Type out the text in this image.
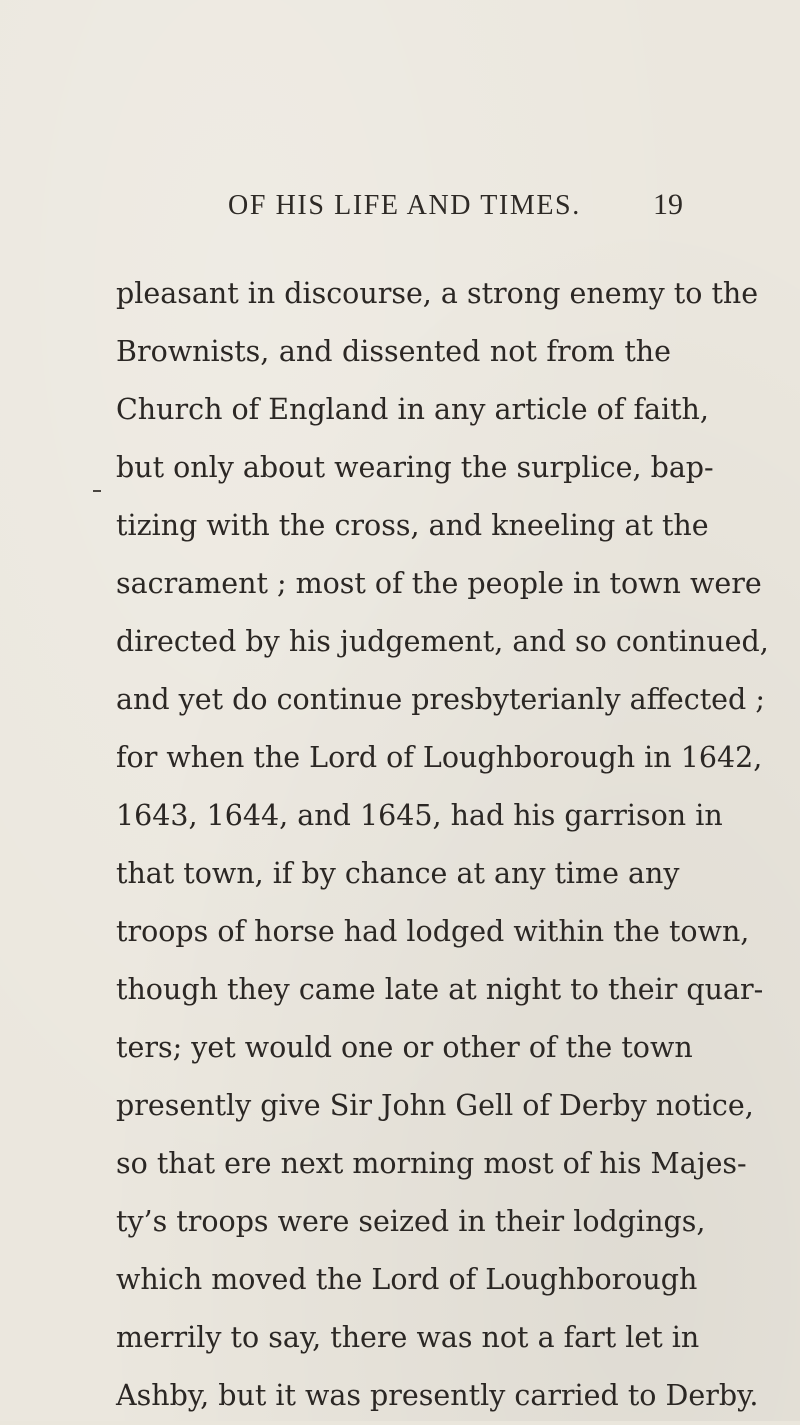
OF HIS LIFE AND TIMES. 19
pleasant in discourse, a strong enemy to the
Brownists, and dissented not from the
Church of England in any article of faith,
but only about wearing the surplice, bap-
tizing with the cross, and kneeling at the
sacrament ; most of the people in town were
directed by his judgement, and so continued,
and yet do continue presbyterianly affected ;
for when the Lord of Loughborough in 1642,
1643, 1644, and 1645, had his garrison in
that town, if by chance at any time any
troops of horse had lodged within the town,
though they came late at night to their quar-
ters; yet would one or other of the town
presently give Sir John Gell of Derby notice,
so that ere next morning most of his Majes-
ty’s troops were seized in their lodgings,
which moved the Lord of Loughborough
merrily to say, there was not a fart let in
Ashby, but it was presently carried to Derby.
